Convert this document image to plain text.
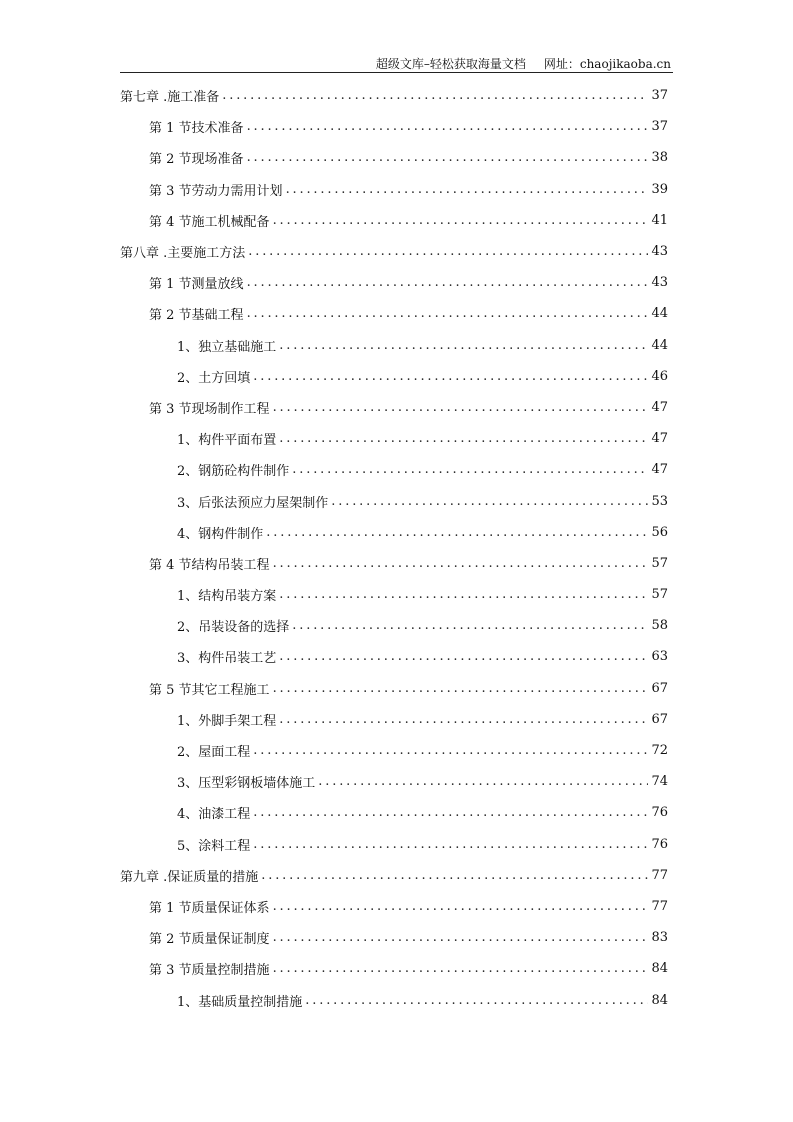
超级文库–轻松获取海量文档 网址：chaojikaoba.cn
第七章 .施工准备 . . .	37
第 1 节 技术准备 . . .	37
第 2 节 现场准备 . . .	38
第 3 节 劳动力需用计划 . . .	39
第 4 节 施工机械配备 . . .	41
第八章 .主要施工方法 . . .	43
第 1 节 测量放线 . . .	43
第 2 节 基础工程 . . .	44
1、 独立基础施工 . . .	44
2、 土方回填 . . .	46
第 3 节 现场制作工程 . . .	47
1、 构件平面布置 . . .	47
2、 钢筋砼构件制作 . . .	47
3、 后张法预应力屋架制作 . . .	53
4、 钢构件制作 . . .	56
第 4 节 结构吊装工程 . . .	57
1、 结构吊装方案 . . .	57
2、 吊装设备的选择 . . .	58
3、 构件吊装工艺 . . .	63
第 5 节 其它工程施工 . . .	67
1、 外脚手架工程 . . .	67
2、 屋面工程 . . .	72
3、 压型彩钢板墙体施工 . . .	74
4、 油漆工程 . . .	76
5、 涂料工程 . . .	76
第九章 .保证质量的措施 . . .	77
第 1 节 质量保证体系 . . .	77
第 2 节 质量保证制度 . . .	83
第 3 节 质量控制措施 . . .	84
1、 基础质量控制措施 . . .	84
